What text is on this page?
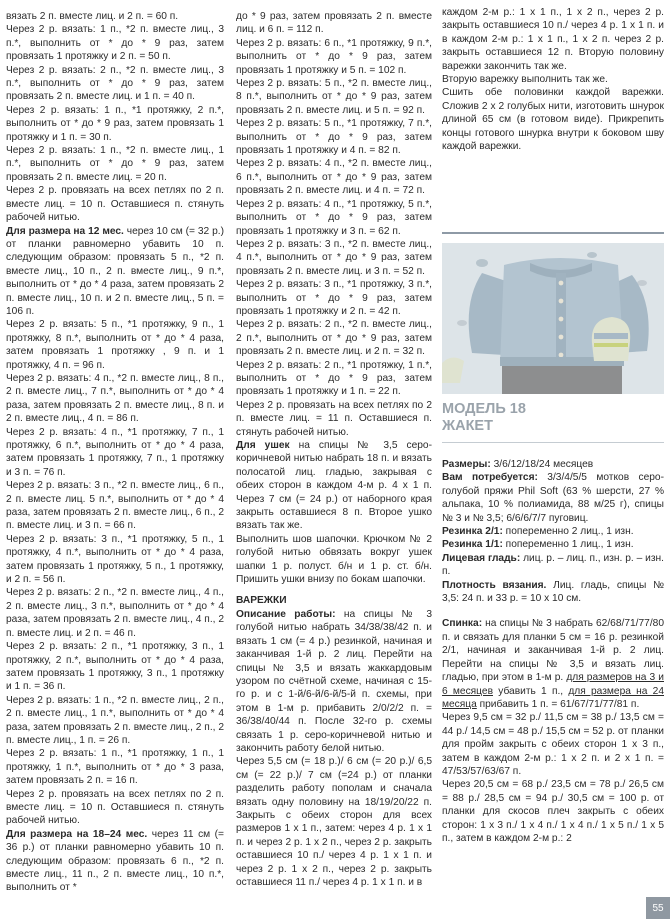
вязать 2 п. вместе лиц. и 2 п. = 60 п.

Через 2 р. вязать: 1 п., *2 п. вместе лиц., 3 п.*, выполнить от * до * 9 раз, затем провязать 1 протяжку и 2 п. = 50 п.

Через 2 р. вязать: 2 п., *2 п. вместе лиц., 3 п.*, выполнить от * до * 9 раз, затем провязать 2 п. вместе лиц. и 1 п. = 40 п.

Через 2 р. вязать: 1 п., *1 протяжку, 2 п.*, выполнить от * до * 9 раз, затем провязать 1 протяжку и 1 п. = 30 п.

Через 2 р. вязать: 1 п., *2 п. вместе лиц., 1 п.*, выполнить от * до * 9 раз, затем провязать 2 п. вместе лиц. = 20 п.

Через 2 р. провязать на всех петлях по 2 п. вместе лиц. = 10 п. Оставшиеся п. стянуть рабочей нитью.

Для размера на 12 мес. через 10 см (= 32 р.) от планки равномерно убавить 10 п. следующим образом: провязать 5 п., *2 п. вместе лиц., 10 п., 2 п. вместе лиц., 9 п.*, выполнить от * до * 4 раза, затем провязать 2 п. вместе лиц., 10 п. и 2 п. вместе лиц., 5 п. = 106 п.

Через 2 р. вязать: 5 п., *1 протяжку, 9 п., 1 протяжку, 8 п.*, выполнить от * до * 4 раза, затем провязать 1 протяжку , 9 п. и 1 протяжку, 4 п. = 96 п.

Через 2 р. вязать: 4 п., *2 п. вместе лиц., 8 п., 2 п. вместе лиц., 7 п.*, выполнить от * до * 4 раза, затем провязать 2 п. вместе лиц., 8 п. и 2 п. вместе лиц., 4 п. = 86 п.

Через 2 р. вязать: 4 п., *1 протяжку, 7 п., 1 протяжку, 6 п.*, выполнить от * до * 4 раза, затем провязать 1 протяжку, 7 п., 1 протяжку и 3 п. = 76 п.

Через 2 р. вязать: 3 п., *2 п. вместе лиц., 6 п., 2 п. вместе лиц. 5 п.*, выполнить от * до * 4 раза, затем провязать 2 п. вместе лиц., 6 п., 2 п. вместе лиц. и 3 п. = 66 п.

Через 2 р. вязать: 3 п., *1 протяжку, 5 п., 1 протяжку, 4 п.*, выполнить от * до * 4 раза, затем провязать 1 протяжку, 5 п., 1 протяжку, и 2 п. = 56 п.

Через 2 р. вязать: 2 п., *2 п. вместе лиц., 4 п., 2 п. вместе лиц., 3 п.*, выполнить от * до * 4 раза, затем провязать 2 п. вместе лиц., 4 п., 2 п. вместе лиц. и 2 п. = 46 п.

Через 2 р. вязать: 2 п., *1 протяжку, 3 п., 1 протяжку, 2 п.*, выполнить от * до * 4 раза, затем провязать 1 протяжку, 3 п., 1 протяжку и 1 п. = 36 п.

Через 2 р. вязать: 1 п., *2 п. вместе лиц., 2 п., 2 п. вместе лиц., 1 п.*, выполнить от * до * 4 раза, затем провязать 2 п. вместе лиц., 2 п., 2 п. вместе лиц., 1 п. = 26 п.

Через 2 р. вязать: 1 п., *1 протяжку, 1 п., 1 протяжку, 1 п.*, выполнить от * до * 3 раза, затем провязать 2 п. = 16 п.

Через 2 р. провязать на всех петлях по 2 п. вместе лиц. = 10 п. Оставшиеся п. стянуть рабочей нитью.

Для размера на 18–24 мес. через 11 см (= 36 р.) от планки равномерно убавить 10 п. следующим образом: провязать 6 п., *2 п. вместе лиц., 11 п., 2 п. вместе лиц., 10 п.*, выполнить от *

до * 9 раз, затем провязать 2 п. вместе лиц. и 6 п. = 112 п.

Через 2 р. вязать: 6 п., *1 протяжку, 9 п.*, выполнить от * до * 9 раз, затем провязать 1 протяжку и 5 п. = 102 п.

Через 2 р. вязать: 5 п., *2 п. вместе лиц., 8 п.*, выполнить от * до * 9 раз, затем провязать 2 п. вместе лиц. и 5 п. = 92 п.

Через 2 р. вязать: 5 п., *1 протяжку, 7 п.*, выполнить от * до * 9 раз, затем провязать 1 протяжку и 4 п. = 82 п.

Через 2 р. вязать: 4 п., *2 п. вместе лиц., 6 п.*, выполнить от * до * 9 раз, затем провязать 2 п. вместе лиц. и 4 п. = 72 п.

Через 2 р. вязать: 4 п., *1 протяжку, 5 п.*, выполнить от * до * 9 раз, затем провязать 1 протяжку и 3 п. = 62 п.

Через 2 р. вязать: 3 п., *2 п. вместе лиц., 4 п.*, выполнить от * до * 9 раз, затем провязать 2 п. вместе лиц. и 3 п. = 52 п.

Через 2 р. вязать: 3 п., *1 протяжку, 3 п.*, выполнить от * до * 9 раз, затем провязать 1 протяжку и 2 п. = 42 п.

Через 2 р. вязать: 2 п., *2 п. вместе лиц., 2 п.*, выполнить от * до * 9 раз, затем провязать 2 п. вместе лиц. и 2 п. = 32 п.

Через 2 р. вязать: 2 п., *1 протяжку, 1 п.*, выполнить от * до * 9 раз, затем провязать 1 протяжку и 1 п. = 22 п.

Через 2 р. провязать на всех петлях по 2 п. вместе лиц. = 11 п. Оставшиеся п. стянуть рабочей нитью.

Для ушек на спицы № 3,5 серо-коричневой нитью набрать 18 п. и вязать полосатой лиц. гладью, закрывая с обеих сторон в каждом 4-м р. 4 х 1 п. Через 7 см (= 24 р.) от наборного края закрыть оставшиеся 8 п. Второе ушко вязать так же.

Выполнить шов шапочки. Крючком № 2 голубой нитью обвязать вокруг ушек шапки 1 р. полуст. б/н и 1 р. ст. б/н. Пришить ушки внизу по бокам шапочки.

ВАРЕЖКИ

Описание работы: на спицы № 3 голубой нитью набрать 34/38/38/42 п. и вязать 1 см (= 4 р.) резинкой, начиная и заканчивая 1-й р. 2 лиц. Перейти на спицы № 3,5 и вязать жаккардовым узором по счётной схеме, начиная с 15-го р. и с 1-й/6-й/6-й/5-й п. схемы, при этом в 1-м р. прибавить 2/0/2/2 п. = 36/38/40/44 п. После 32-го р. схемы связать 1 р. серо-коричневой нитью и закончить работу белой нитью.

Через 5,5 см (= 18 р.)/ 6 см (= 20 р.)/ 6,5 см (= 22 р.)/ 7 см (=24 р.) от планки разделить работу пополам и сначала вязать одну половину на 18/19/20/22 п. Закрыть с обеих сторон для всех размеров 1 х 1 п., затем: через 4 р. 1 х 1 п. и через 2 р. 1 х 2 п., через 2 р. закрыть оставшиеся 10 п./ через 4 р. 1 х 1 п. и через 2 р. 1 х 2 п., через 2 р. закрыть оставшиеся 11 п./ через 4 р. 1 х 1 п. и в

каждом 2-м р.: 1 х 1 п., 1 х 2 п., через 2 р. закрыть оставшиеся 10 п./ через 4 р. 1 х 1 п. и в каждом 2-м р.: 1 х 1 п., 1 х 2 п. через 2 р. закрыть оставшиеся 12 п. Вторую половину варежки закончить так же.

Вторую варежку выполнить так же.

Сшить обе половинки каждой варежки. Сложив 2 х 2 голубых нити, изготовить шнурок длиной 65 см (в готовом виде). Прикрепить концы готового шнурка внутри к боковом шву каждой варежки.

МОДЕЛЬ 18
ЖАКЕТ

Размеры: 3/6/12/18/24 месяцев

Вам потребуется: 3/3/4/5/5 мотков серо-голубой пряжи Phil Soft (63 % шерсти, 27 % альпака, 10 % полиамида, 88 м/25 г), спицы № 3 и № 3,5; 6/6/6/7/7 пуговиц.

Резинка 2/1: попеременно 2 лиц., 1 изн.

Резинка 1/1: попеременно 1 лиц., 1 изн.

Лицевая гладь: лиц. р. – лиц. п., изн. р. – изн. п.

Плотность вязания. Лиц. гладь, спицы № 3,5: 24 п. и 33 р. = 10 х 10 см.

Спинка: на спицы № 3 набрать 62/68/71/77/80 п. и связать для планки 5 см = 16 р. резинкой 2/1, начиная и заканчивая 1-й р. 2 лиц. Перейти на спицы № 3,5 и вязать лиц. гладью, при этом в 1-м р. для размеров на 3 и 6 месяцев убавить 1 п., для размера на 24 месяца прибавить 1 п. = 61/67/71/77/81 п.

Через 9,5 см = 32 р./ 11,5 см = 38 р./ 13,5 см = 44 р./ 14,5 см = 48 р./ 15,5 см = 52 р. от планки для пройм закрыть с обеих сторон 1 х 3 п., затем в каждом 2-м р.: 1 х 2 п. и 2 х 1 п. = 47/53/57/63/67 п.

Через 20,5 см = 68 р./ 23,5 см = 78 р./ 26,5 см = 88 р./ 28,5 см = 94 р./ 30,5 см = 100 р. от планки для скосов плеч закрыть с обеих сторон: 1 х 3 п./ 1 х 4 п./ 1 х 4 п./ 1 х 5 п./ 1 х 5 п., затем в каждом 2-м р.: 2

55
